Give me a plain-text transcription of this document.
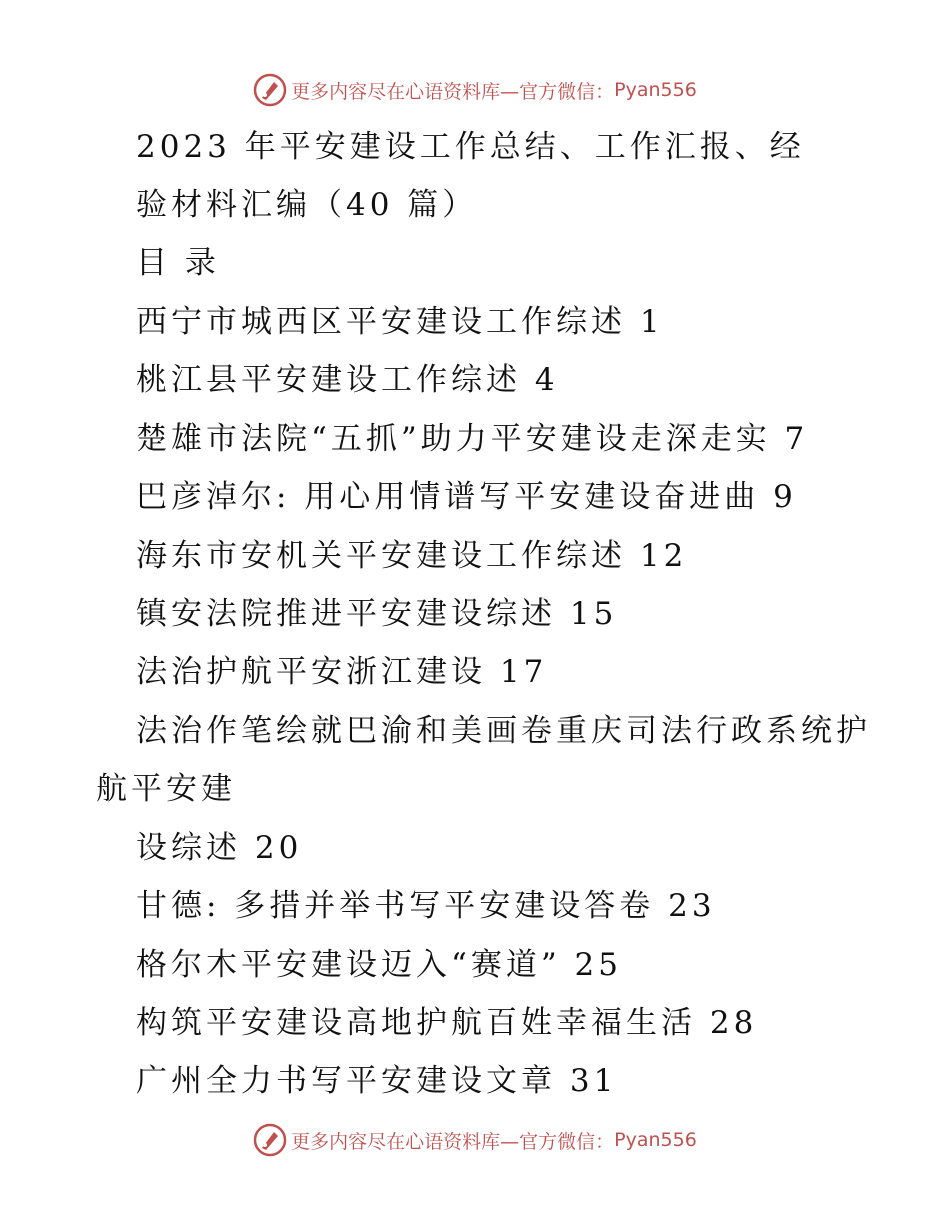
更多内容尽在心语资料库—官方微信： Pyan556
2023 年平安建设工作总结、工作汇报、经
验材料汇编（40 篇）
目 录
西宁市城西区平安建设工作综述 1
桃江县平安建设工作综述 4
楚雄市法院“五抓”助力平安建设走深走实 7
巴彦淖尔: 用心用情谱写平安建设奋进曲 9
海东市安机关平安建设工作综述 12
镇安法院推进平安建设综述 15
法治护航平安浙江建设 17
法治作笔绘就巴渝和美画卷重庆司法行政系统护
航平安建
设综述 20
甘德: 多措并举书写平安建设答卷 23
格尔木平安建设迈入“赛道” 25
构筑平安建设高地护航百姓幸福生活 28
广州全力书写平安建设文章 31
更多内容尽在心语资料库—官方微信： Pyan556
